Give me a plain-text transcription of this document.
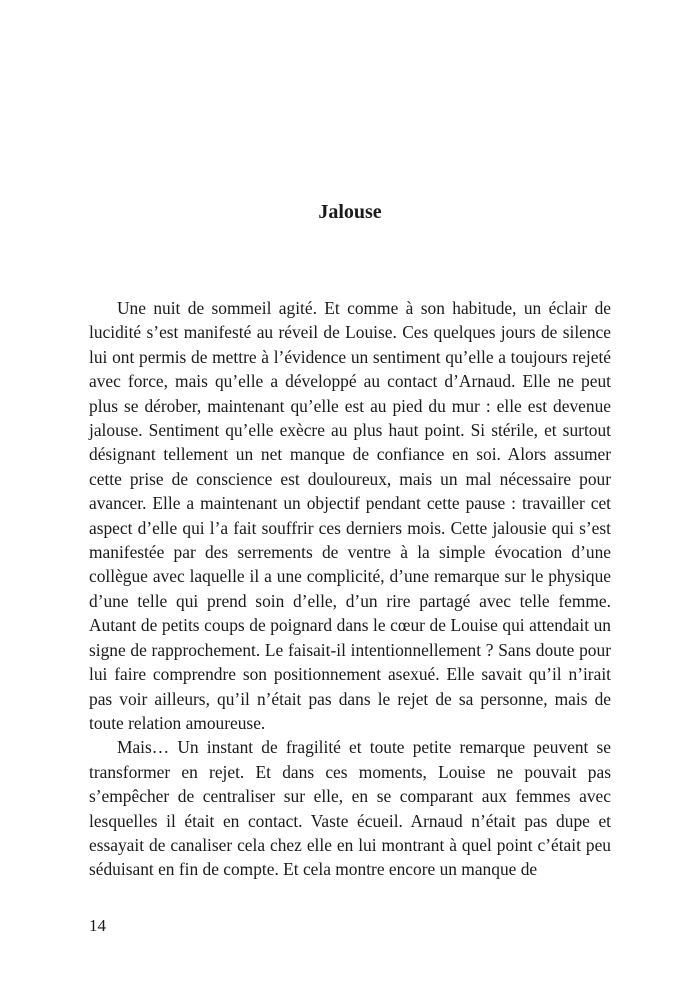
Jalouse

Une nuit de sommeil agité. Et comme à son habitude, un éclair de lucidité s’est manifesté au réveil de Louise. Ces quelques jours de silence lui ont permis de mettre à l’évidence un sentiment qu’elle a toujours rejeté avec force, mais qu’elle a développé au contact d’Arnaud. Elle ne peut plus se dérober, maintenant qu’elle est au pied du mur : elle est devenue jalouse. Sentiment qu’elle exècre au plus haut point. Si stérile, et surtout désignant tellement un net manque de confiance en soi. Alors assumer cette prise de conscience est douloureux, mais un mal nécessaire pour avancer. Elle a maintenant un objectif pendant cette pause : travailler cet aspect d’elle qui l’a fait souffrir ces derniers mois. Cette jalousie qui s’est manifestée par des serrements de ventre à la simple évocation d’une collègue avec laquelle il a une complicité, d’une remarque sur le physique d’une telle qui prend soin d’elle, d’un rire partagé avec telle femme. Autant de petits coups de poignard dans le cœur de Louise qui attendait un signe de rapprochement. Le faisait-il intentionnellement ? Sans doute pour lui faire comprendre son positionnement asexué. Elle savait qu’il n’irait pas voir ailleurs, qu’il n’était pas dans le rejet de sa personne, mais de toute relation amoureuse.

Mais… Un instant de fragilité et toute petite remarque peuvent se transformer en rejet. Et dans ces moments, Louise ne pouvait pas s’empêcher de centraliser sur elle, en se comparant aux femmes avec lesquelles il était en contact. Vaste écueil. Arnaud n’était pas dupe et essayait de canaliser cela chez elle en lui montrant à quel point c’était peu séduisant en fin de compte. Et cela montre encore un manque de

14
